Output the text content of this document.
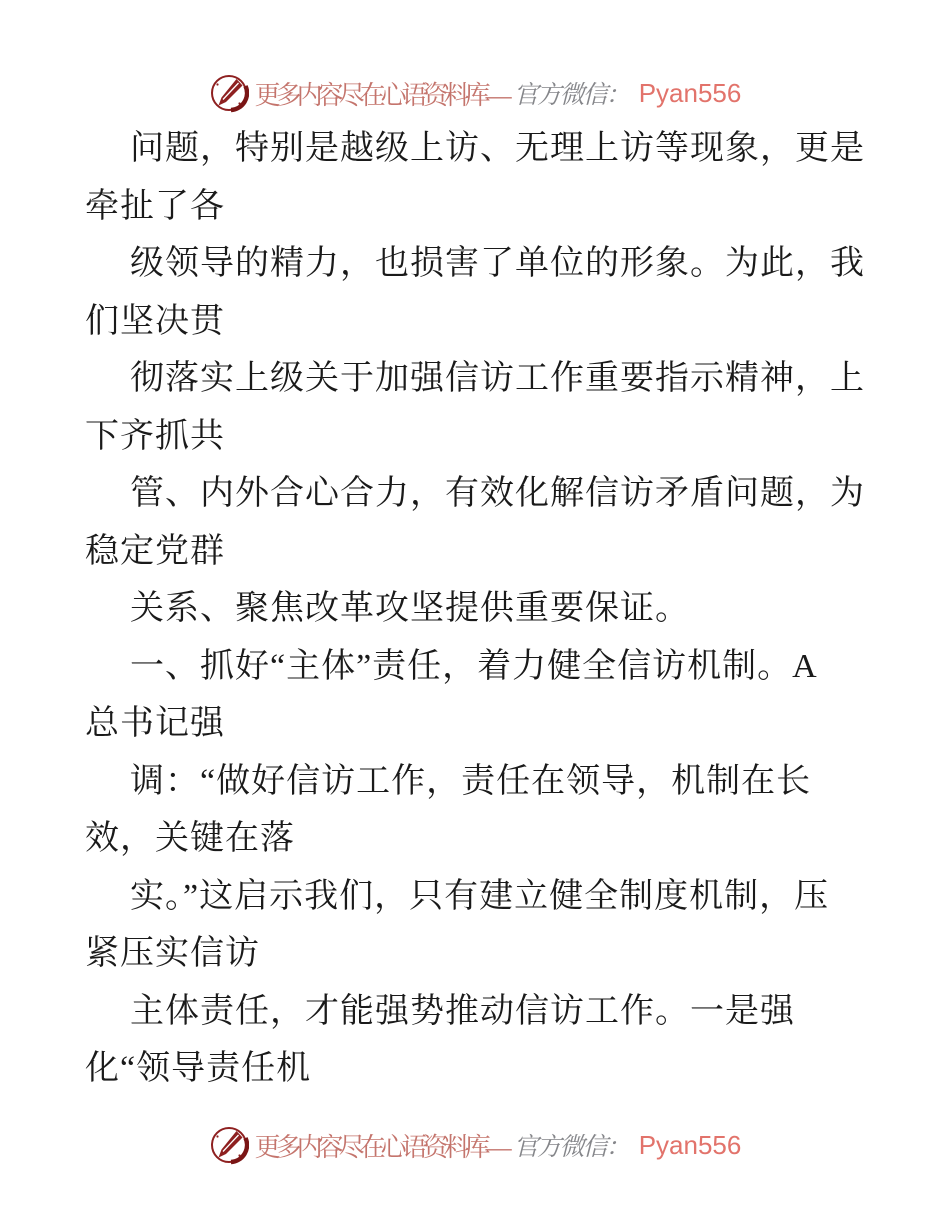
更多内容尽在心语资料库— 官方微信： Pyan556
问题，特别是越级上访、无理上访等现象，更是
牵扯了各
级领导的精力，也损害了单位的形象。为此，我
们坚决贯
彻落实上级关于加强信访工作重要指示精神，上
下齐抓共
管、内外合心合力，有效化解信访矛盾问题，为
稳定党群
关系、聚焦改革攻坚提供重要保证。
一、抓好“主体”责任，着力健全信访机制。A
总书记强
调：“做好信访工作，责任在领导，机制在长
效，关键在落
实。”这启示我们，只有建立健全制度机制，压
紧压实信访
主体责任，才能强势推动信访工作。一是强
化“领导责任机
更多内容尽在心语资料库— 官方微信： Pyan556
